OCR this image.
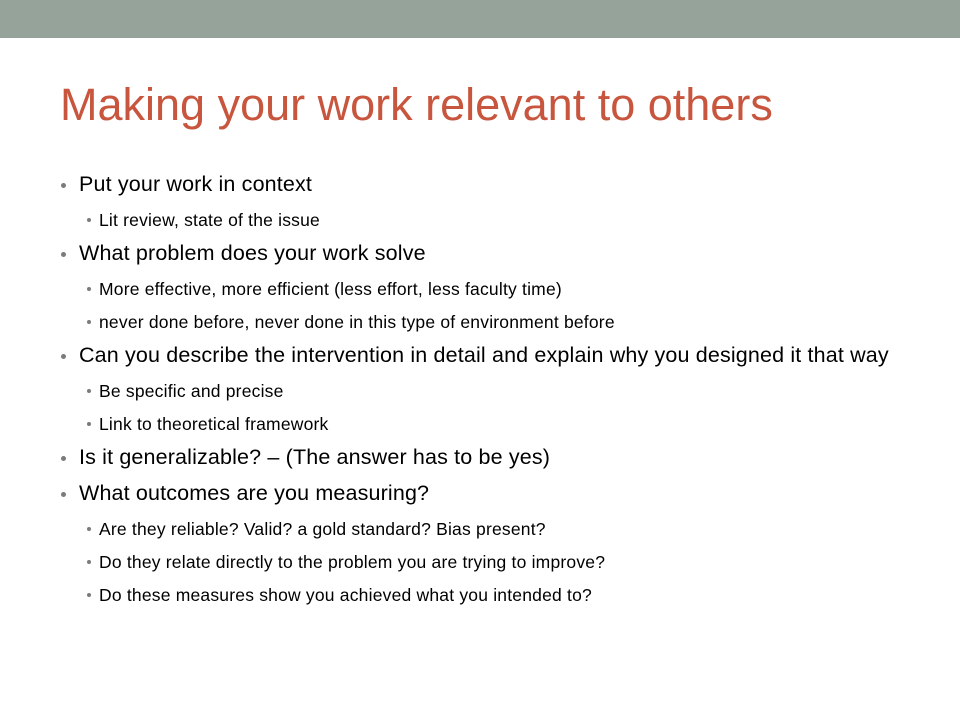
Making your work relevant to others
Put your work in context
Lit review, state of the issue
What problem does your work solve
More effective, more efficient (less effort, less faculty time)
never done before, never done in this type of environment before
Can you describe the intervention in detail and explain why you designed it that way
Be specific and precise
Link to theoretical framework
Is it generalizable? – (The answer has to be yes)
What outcomes are you measuring?
Are they reliable? Valid? a gold standard? Bias present?
Do they relate directly to the problem you are trying to improve?
Do these measures show you achieved what you intended to?
